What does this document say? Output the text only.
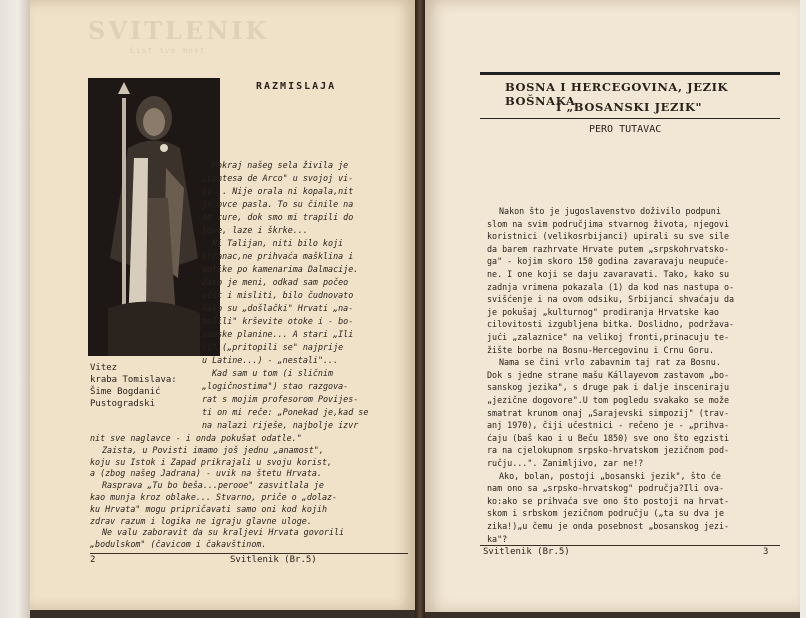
SVITLENIK
List sve most
Vitez
kraba Tomislava:
Šime Bogdanić
Pustogradski
RAZMISLAJA
Pokraj našeg sela živila je
„contesa de Arco" u svojoj vi-
li... Nije orala ni kopala,nit
je ovce pasla. To su činile na
še cure, dok smo mi trapili do
love, laze i škrke...
Ni Talijan, niti bilo koji
stranac,ne prihvaća mašklina i
motike po kamenarima Dalmacije.
Zato je meni, odkad sam počeo
učit i misliti, bilo čudnovato
kako su „došlački" Hrvati „na-
selili" krševite otoke i - bo-
sanske planine... A stari „Ili
ri" („pritopili se" najprije
u Latine...) - „nestali"...
Kad sam u tom (i sličnim
„logičnostima") stao razgova-
rat s mojim profesorom Povijes-
ti on mi reče: „Ponekad je,kad se
na nalazi riješe, najbolje izvr
nit sve naglavce - i onda pokušat odatle."
Zaista, u Povisti imamo još jednu „anamost",
koju su Istok i Zapad prikrajali u svoju korist,
a (zbog našeg Jadrana) - uvik na štetu Hrvata.
Rasprava „Tu bo beša...perooe" zasvitlala je
kao munja kroz oblake... Stvarno, priče o „dolaz-
ku Hrvata" mogu pripričavati samo oni kod kojih
zdrav razum i logika ne igraju glavne uloge.
Ne valu zaboravit da su kraljevi Hrvata govorili
2	Svitlenik (Br.5)
„bodulskom" (čavicom i čakavštinom.
BOSNA I HERCEGOVINA, JEZIK BOŠNAKA
I „BOSANSKI JEZIK"
PERO TUTAVAC
Nakon što je jugoslavenstvo doživilo podpuni
slom na svim područjima stvarnog života, njegovi
koristnici (velikosrbijanci) upirali su sve sile
da barem razhrvate Hrvate putem „srpskohrvatsko-
ga" - kojim skoro 150 godina zavaravaju neupuće-
ne. I one koji se daju zavaravati. Tako, kako su
zadnja vrimena pokazala (1) da kod nas nastupa o-
svišćenje i na ovom odsiku, Srbijanci shvaćaju da
je pokušaj „kulturnog" prodiranja Hrvatske kao
cilovitosti izgubljena bitka. Doslidno, podržava-
jući „zalaznice" na velikoj fronti,prinacuju te-
žište borbe na Bosnu-Hercegovinu i Crnu Goru.
Nama se čini vrlo zabavnim taj rat za Bosnu.
Dok s jedne strane mašu Kállayevom zastavom „bo-
sanskog jezika", s druge pak i dalje insceniraju
„jezične dogovore".U tom pogledu svakako se može
smatrat krunom onaj „Sarajevski simpozij" (trav-
anj 1970), čiji učestnici - rečeno je - „prihva-
ćaju (baš kao i u Beču 1850) sve ono što egzisti
ra na cjelokupnom srpsko-hrvatskom jezičnom pod-
ručju...". Zanimljivo, zar ne!?
Ako, bolan, postoji „bosanski jezik", što će
nam ono sa „srpsko-hrvatskog" područja?Ili ova-
ko:ako se prihvaća sve ono što postoji na hrvat-
skom i srbskom jezičnom području („ta su dva je
Svitlenik (Br.5)	3
zika!)„u čemu je onda posebnost „bosanskog jezi-
ka"?
